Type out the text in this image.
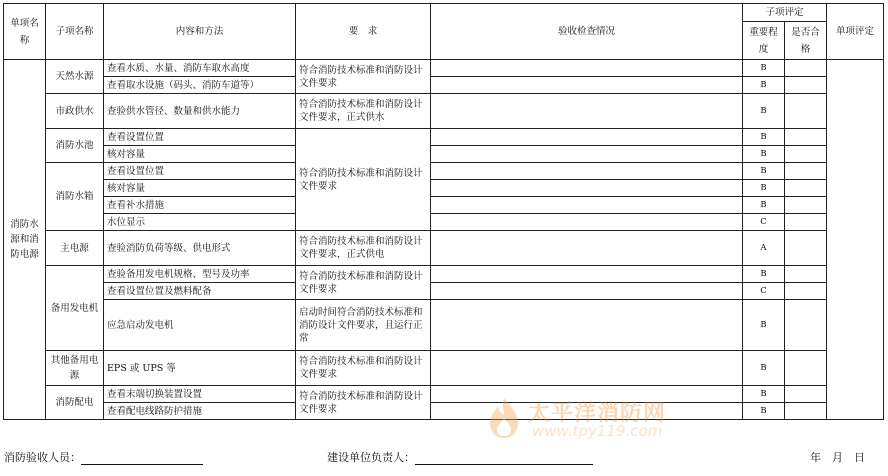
单项名称	子项名称	内容和方法	要　求	验收检查情况	子项评定		单项评定
					重要程度	是否合格	
消防水源和消防电源	天然水源	查看水质、水量、消防车取水高度	符合消防技术标准和消防设计文件要求		B		
		查看取水设施（码头、消防车道等）			B		
	市政供水	查验供水管径、数量和供水能力	符合消防技术标准和消防设计文件要求，正式供水		B		
	消防水池	查看设置位置	符合消防技术标准和消防设计文件要求		B		
		核对容量			B		
	消防水箱	查看设置位置			B		
		核对容量			B		
		查看补水措施			B		
		水位显示			C		
	主电源	查验消防负荷等级、供电形式	符合消防技术标准和消防设计文件要求，正式供电		A		
	备用发电机	查验备用发电机规格、型号及功率	符合消防技术标准和消防设计文件要求		B		
		查看设置位置及燃料配备			C		
		应急启动发电机	启动时间符合消防技术标准和消防设计文件要求，且运行正常		B		
	其他备用电源	EPS 或 UPS 等	符合消防技术标准和消防设计文件要求		B		
	消防配电	查看末端切换装置设置	符合消防技术标准和消防设计文件要求		B		
		查看配电线路防护措施			B		
太平洋消防网
www.tpy119.com
消防验收人员：	建设单位负责人：	年　月　日
